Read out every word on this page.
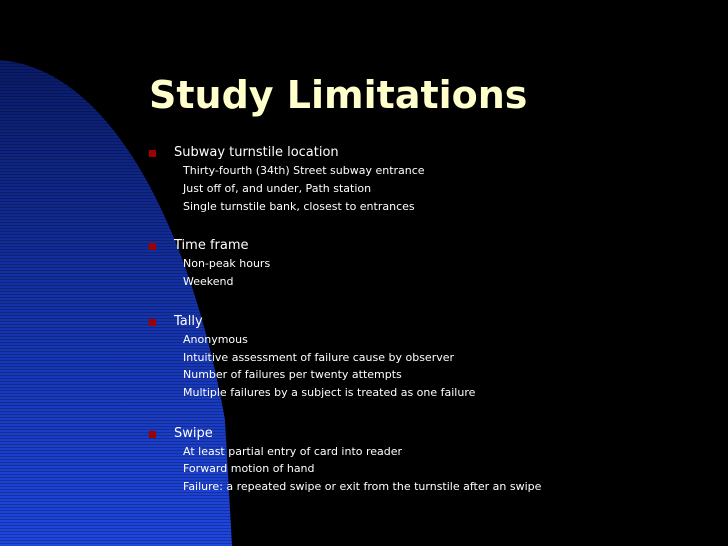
Study Limitations
Subway turnstile location
Thirty-fourth (34th) Street subway entrance
Just off of, and under, Path station
Single turnstile bank, closest to entrances
Time frame
Non-peak hours
Weekend
Tally
Anonymous
Intuitive assessment of failure cause by observer
Number of failures per twenty attempts
Multiple failures by a subject is treated as one failure
Swipe
At least partial entry of card into reader
Forward motion of hand
Failure: a repeated swipe or exit from the turnstile after an swipe
